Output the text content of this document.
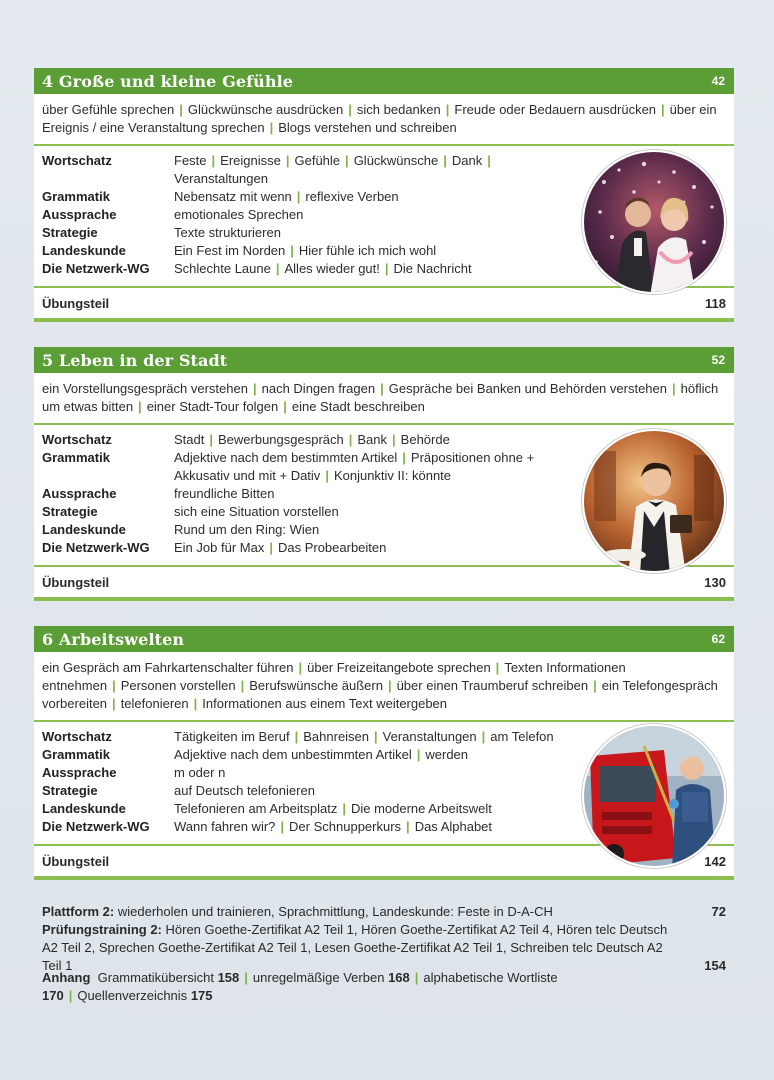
4 Große und kleine Gefühle	42
über Gefühle sprechen | Glückwünsche ausdrücken | sich bedanken | Freude oder Bedauern ausdrücken | über ein Ereignis / eine Veranstaltung sprechen | Blogs verstehen und schreiben
Wortschatz	Feste | Ereignisse | Gefühle | Glückwünsche | Dank |
Veranstaltungen
Grammatik	Nebensatz mit wenn | reflexive Verben
Aussprache	emotionales Sprechen
Strategie	Texte strukturieren
Landeskunde	Ein Fest im Norden | Hier fühle ich mich wohl
Die Netzwerk-WG	Schlechte Laune | Alles wieder gut! | Die Nachricht
Übungsteil	118
5 Leben in der Stadt	52
ein Vorstellungsgespräch verstehen | nach Dingen fragen | Gespräche bei Banken und Behörden verstehen | höflich um etwas bitten | einer Stadt-Tour folgen | eine Stadt beschreiben
Wortschatz	Stadt | Bewerbungsgespräch | Bank | Behörde
Grammatik	Adjektive nach dem bestimmten Artikel | Präpositionen ohne + Akkusativ und mit + Dativ | Konjunktiv II: könnte
Aussprache	freundliche Bitten
Strategie	sich eine Situation vorstellen
Landeskunde	Rund um den Ring: Wien
Die Netzwerk-WG	Ein Job für Max | Das Probearbeiten
Übungsteil	130
6 Arbeitswelten	62
ein Gespräch am Fahrkartenschalter führen | über Freizeitangebote sprechen | Texten Informationen entnehmen | Personen vorstellen | Berufswünsche äußern | über einen Traumberuf schreiben | ein Telefongespräch vorbereiten | telefonieren | Informationen aus einem Text weitergeben
Wortschatz	Tätigkeiten im Beruf | Bahnreisen | Veranstaltungen | am Telefon
Grammatik	Adjektive nach dem unbestimmten Artikel | werden
Aussprache	m oder n
Strategie	auf Deutsch telefonieren
Landeskunde	Telefonieren am Arbeitsplatz | Die moderne Arbeitswelt
Die Netzwerk-WG	Wann fahren wir? | Der Schnupperkurs | Das Alphabet
Übungsteil	142
Plattform 2: wiederholen und trainieren, Sprachmittlung, Landeskunde: Feste in D-A-CH	72
Prüfungstraining 2: Hören Goethe-Zertifikat A2 Teil 1, Hören Goethe-Zertifikat A2 Teil 4, Hören telc Deutsch A2 Teil 2, Sprechen Goethe-Zertifikat A2 Teil 1, Lesen Goethe-Zertifikat A2 Teil 1, Schreiben telc Deutsch A2 Teil 1	154
Anhang Grammatikübersicht 158 | unregelmäßige Verben 168 | alphabetische Wortliste 170 | Quellenverzeichnis 175
